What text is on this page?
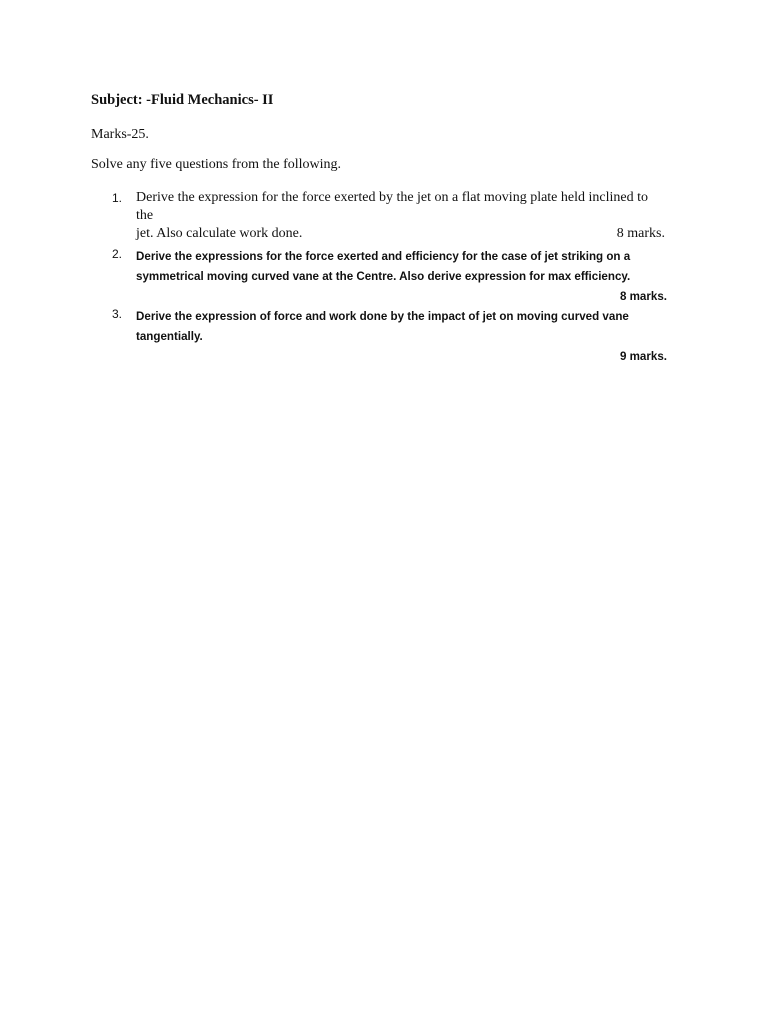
Subject: -Fluid Mechanics- II
Marks-25.
Solve any five questions from the following.
1. Derive the expression for the force exerted by the jet on a flat moving plate held inclined to the
jet. Also calculate work done.	8 marks.
2.	Derive the expressions for the force exerted and efficiency for the case of jet striking on a
symmetrical moving curved vane at the Centre. Also derive expression for max efficiency.
8 marks.
3.	Derive the expression of force and work done by the impact of jet on moving curved vane
tangentially.
9 marks.
